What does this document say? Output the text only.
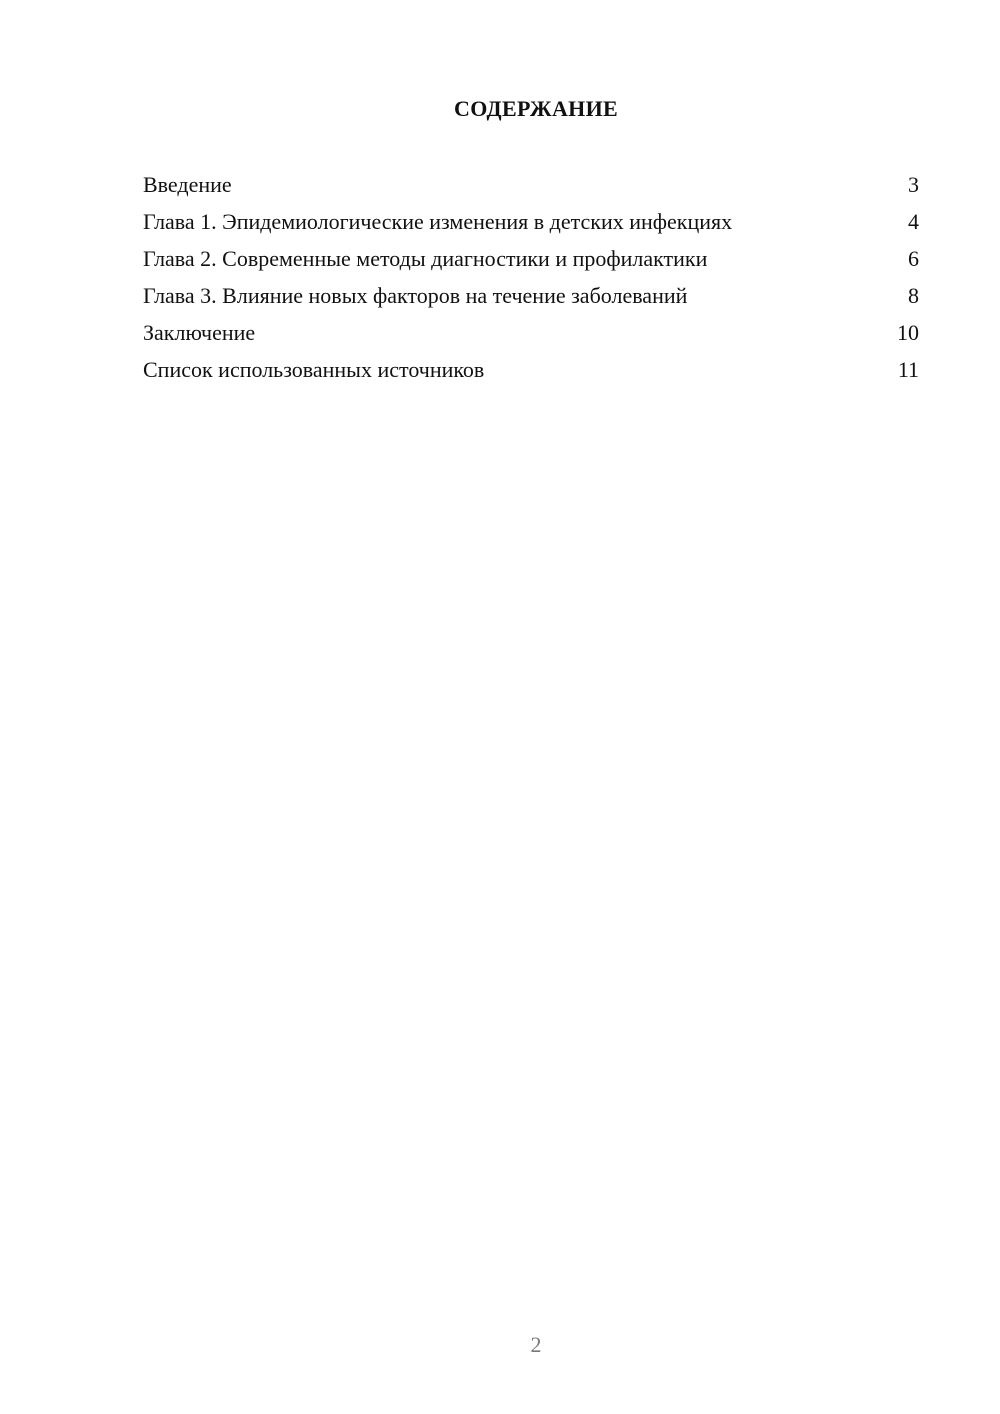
СОДЕРЖАНИЕ
Введение	3
Глава 1. Эпидемиологические изменения в детских инфекциях	4
Глава 2. Современные методы диагностики и профилактики	6
Глава 3. Влияние новых факторов на течение заболеваний	8
Заключение	10
Список использованных источников	11
2
